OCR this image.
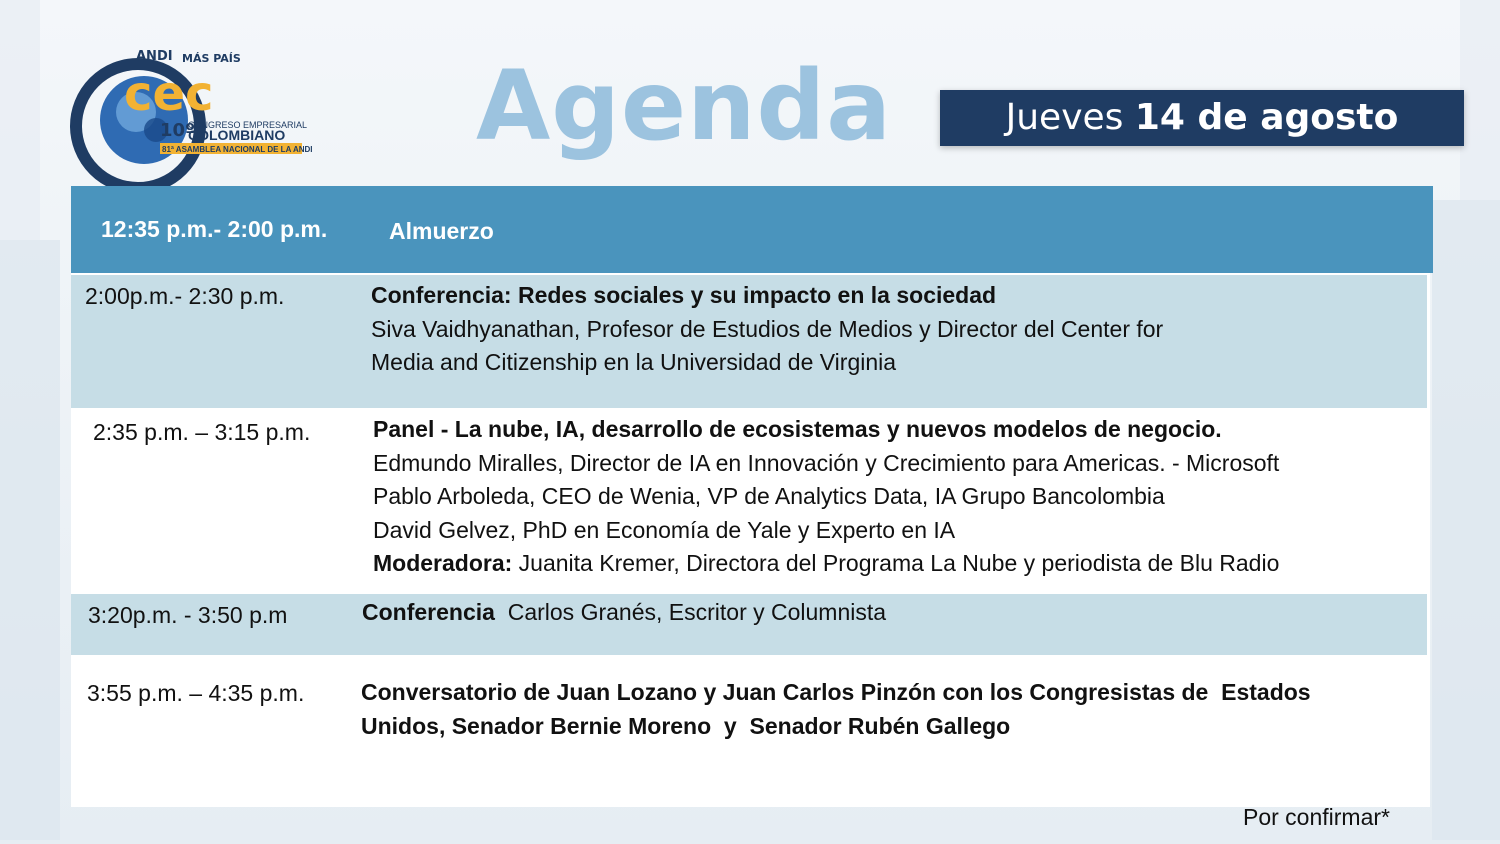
ANDI MÁS PAÍS
cec
10º
CONGRESO EMPRESARIAL
COLOMBIANO
81ª ASAMBLEA NACIONAL DE LA ANDI Agenda	Jueves 14 de agosto
12:35 p.m.- 2:00 p.m.	Almuerzo
2:00p.m.- 2:30 p.m.	Conferencia: Redes sociales y su impacto en la sociedad
Siva Vaidhyanathan, Profesor de Estudios de Medios y Director del Center for
Media and Citizenship en la Universidad de Virginia
2:35 p.m. – 3:15 p.m.	Panel - La nube, IA, desarrollo de ecosistemas y nuevos modelos de negocio.
Edmundo Miralles, Director de IA en Innovación y Crecimiento para Americas. - Microsoft
Pablo Arboleda, CEO de Wenia, VP de Analytics Data, IA Grupo Bancolombia
David Gelvez, PhD en Economía de Yale y Experto en IA
Moderadora: Juanita Kremer, Directora del Programa La Nube y periodista de Blu Radio
3:20p.m. - 3:50 p.m	Conferencia  Carlos Granés, Escritor y Columnista
3:55 p.m. – 4:35 p.m. Conversatorio de Juan Lozano y Juan Carlos Pinzón con los Congresistas de  Estados
Unidos, Senador Bernie Moreno  y  Senador Rubén Gallego
Por confirmar*
